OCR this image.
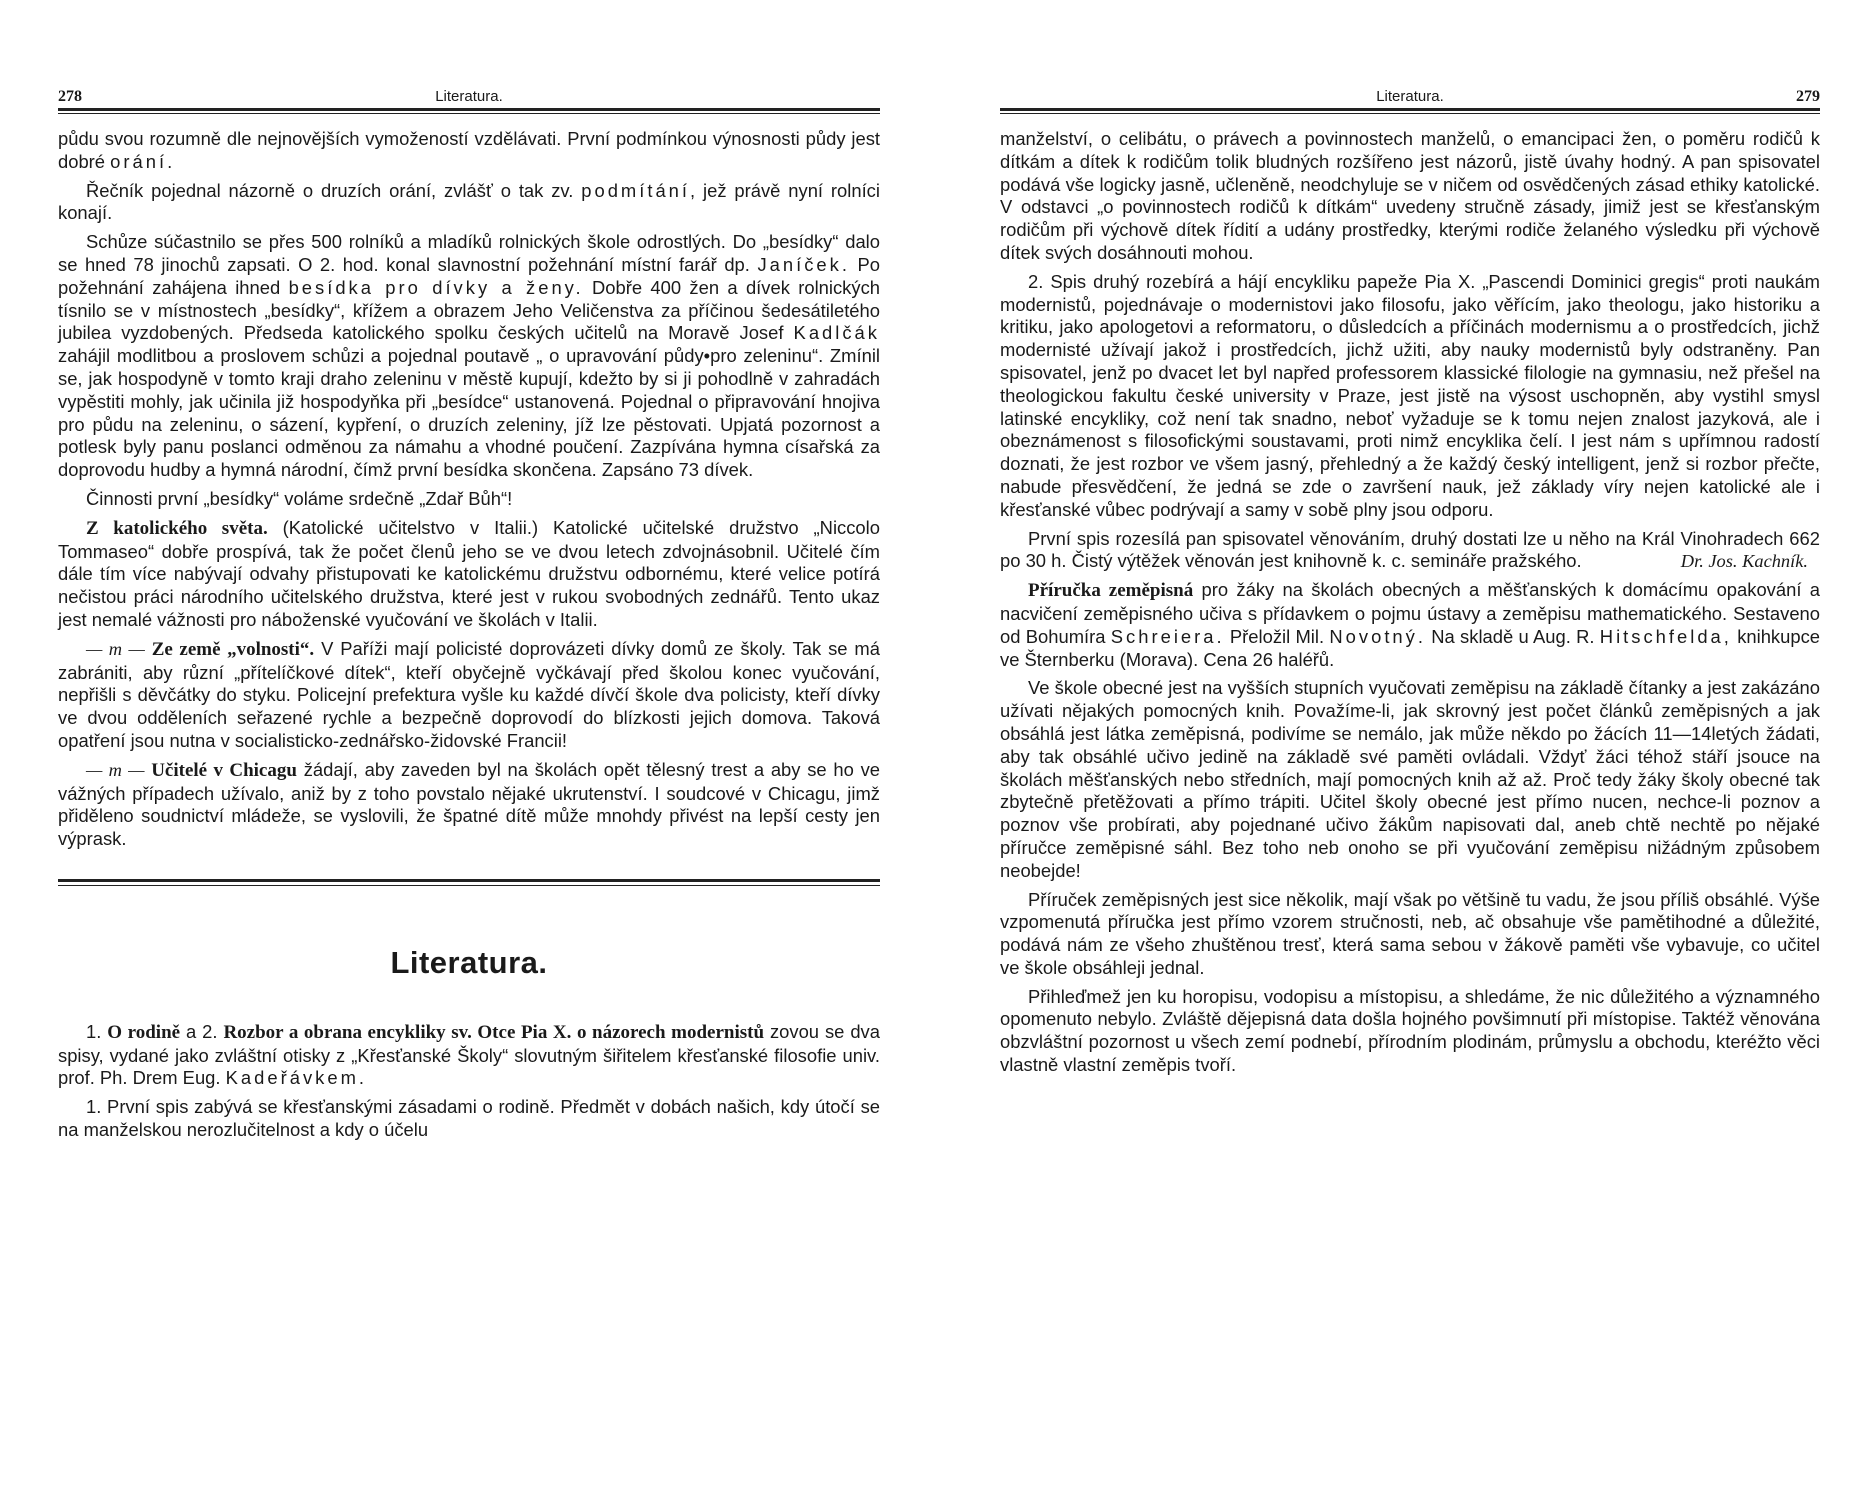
278	Literatura.

půdu svou rozumně dle nejnovějších vymožeností vzdělávati. První podmínkou výnosnosti půdy jest dobré orání.

Řečník pojednal názorně o druzích orání, zvlášť o tak zv. podmítání, jež právě nyní rolníci konají.

Schůze súčastnilo se přes 500 rolníků a mladíků rolnických škole odrostlých. Do „besídky“ dalo se hned 78 jinochů zapsati. O 2. hod. konal slavnostní požehnání místní farář dp. Janíček. Po požehnání zahájena ihned besídka pro dívky a ženy. Dobře 400 žen a dívek rolnických tísnilo se v místnostech „besídky“, křížem a obrazem Jeho Veličenstva za příčinou šedesátiletého jubilea vyzdobených. Předseda katolického spolku českých učitelů na Moravě Josef Kadlčák zahájil modlitbou a proslovem schůzi a pojednal poutavě „ o upravování půdy•pro zeleninu“. Zmínil se, jak hospodyně v tomto kraji draho zeleninu v městě kupují, kdežto by si ji pohodlně v zahradách vypěstiti mohly, jak učinila již hospodyňka při „besídce“ ustanovená. Pojednal o připravování hnojiva pro půdu na zeleninu, o sázení, kypření, o druzích zeleniny, jíž lze pěstovati. Upjatá pozornost a potlesk byly panu poslanci odměnou za námahu a vhodné poučení. Zazpívána hymna císařská za doprovodu hudby a hymná národní, čímž první besídka skončena. Zapsáno 73 dívek.

Činnosti první „besídky“ voláme srdečně „Zdař Bůh“!

Z katolického světa. (Katolické učitelstvo v Italii.) Katolické učitelské družstvo „Niccolo Tommaseo“ dobře prospívá, tak že počet členů jeho se ve dvou letech zdvojnásobnil. Učitelé čím dále tím více nabývají odvahy přistupovati ke katolickému družstvu odbornému, které velice potírá nečistou práci národního učitelského družstva, které jest v rukou svobodných zednářů. Tento ukaz jest nemalé vážnosti pro náboženské vyučování ve školách v Italii.

— m — Ze země „volnosti“. V Paříži mají policisté doprovázeti dívky domů ze školy. Tak se má zabrániti, aby různí „přítelíčkové dítek“, kteří obyčejně vyčkávají před školou konec vyučování, nepřišli s děvčátky do styku. Policejní prefektura vyšle ku každé dívčí škole dva policisty, kteří dívky ve dvou odděleních seřazené rychle a bezpečně doprovodí do blízkosti jejich domova. Taková opatření jsou nutna v socialisticko-zednářsko-židovské Francii!

— m — Učitelé v Chicagu žádají, aby zaveden byl na školách opět tělesný trest a aby se ho ve vážných případech užívalo, aniž by z toho povstalo nějaké ukrutenství. I soudcové v Chicagu, jimž přiděleno soudnictví mládeže, se vyslovili, že špatné dítě může mnohdy přivést na lepší cesty jen výprask.

Literatura.

1. O rodině a 2. Rozbor a obrana encykliky sv. Otce Pia X. o názorech modernistů zovou se dva spisy, vydané jako zvláštní otisky z „Křesťanské Školy“ slovutným šiřitelem křesťanské filosofie univ. prof. Ph. Drem Eug. Kadeřávkem.

1. První spis zabývá se křesťanskými zásadami o rodině. Předmět v dobách našich, kdy útočí se na manželskou nerozlučitelnost a kdy o účelu

Literatura.	279

manželství, o celibátu, o právech a povinnostech manželů, o emancipaci žen, o poměru rodičů k dítkám a dítek k rodičům tolik bludných rozšířeno jest názorů, jistě úvahy hodný. A pan spisovatel podává vše logicky jasně, učleněně, neodchyluje se v ničem od osvědčených zásad ethiky katolické. V odstavci „o povinnostech rodičů k dítkám“ uvedeny stručně zásady, jimiž jest se křesťanským rodičům při výchově dítek řídití a udány prostředky, kterými rodiče želaného výsledku při výchově dítek svých dosáhnouti mohou.

2. Spis druhý rozebírá a hájí encykliku papeže Pia X. „Pascendi Dominici gregis“ proti naukám modernistů, pojednávaje o modernistovi jako filosofu, jako věřícím, jako theologu, jako historiku a kritiku, jako apologetovi a reformatoru, o důsledcích a příčinách modernismu a o prostředcích, jichž modernisté užívají jakož i prostředcích, jichž užiti, aby nauky modernistů byly odstraněny. Pan spisovatel, jenž po dvacet let byl napřed professorem klassické filologie na gymnasiu, než přešel na theologickou fakultu české university v Praze, jest jistě na výsost uschopněn, aby vystihl smysl latinské encykliky, což není tak snadno, neboť vyžaduje se k tomu nejen znalost jazyková, ale i obeznámenost s filosofickými soustavami, proti nimž encyklika čelí. I jest nám s upřímnou radostí doznati, že jest rozbor ve všem jasný, přehledný a že každý český intelligent, jenž si rozbor přečte, nabude přesvědčení, že jedná se zde o završení nauk, jež základy víry nejen katolické ale i křesťanské vůbec podrývají a samy v sobě plny jsou odporu.

První spis rozesílá pan spisovatel věnováním, druhý dostati lze u něho na Král Vinohradech 662 po 30 h. Čistý výtěžek věnován jest knihovně k. c. semináře pražského.	Dr. Jos. Kachník.

Příručka zeměpisná pro žáky na školách obecných a měšťanských k domácímu opakování a nacvičení zeměpisného učiva s přídavkem o pojmu ústavy a zeměpisu mathematického. Sestaveno od Bohumíra Schreiera. Přeložil Mil. Novotný. Na skladě u Aug. R. Hitschfelda, knihkupce ve Šternberku (Morava). Cena 26 haléřů.

Ve škole obecné jest na vyšších stupních vyučovati zeměpisu na základě čítanky a jest zakázáno užívati nějakých pomocných knih. Považíme-li, jak skrovný jest počet článků zeměpisných a jak obsáhlá jest látka zeměpisná, podivíme se nemálo, jak může někdo po žácích 11—14letých žádati, aby tak obsáhlé učivo jedině na základě své paměti ovládali. Vždyť žáci téhož stáří jsouce na školách měšťanských nebo středních, mají pomocných knih až až. Proč tedy žáky školy obecné tak zbytečně přetěžovati a přímo trápiti. Učitel školy obecné jest přímo nucen, nechce-li poznov a poznov vše probírati, aby pojednané učivo žákům napisovati dal, aneb chtě nechtě po nějaké příručce zeměpisné sáhl. Bez toho neb onoho se při vyučování zeměpisu nižádným způsobem neobejde!

Příruček zeměpisných jest sice několik, mají však po většině tu vadu, že jsou příliš obsáhlé. Výše vzpomenutá příručka jest přímo vzorem stručnosti, neb, ač obsahuje vše pamětihodné a důležité, podává nám ze všeho zhuštěnou tresť, která sama sebou v žákově paměti vše vybavuje, co učitel ve škole obsáhleji jednal.

Přihleďmež jen ku horopisu, vodopisu a místopisu, a shledáme, že nic důležitého a významného opomenuto nebylo. Zvláště dějepisná data došla hojného povšimnutí při místopise. Taktéž věnována obzvláštní pozornost u všech zemí podnebí, přírodním plodinám, průmyslu a obchodu, kteréžto věci vlastně vlastní zeměpis tvoří.
